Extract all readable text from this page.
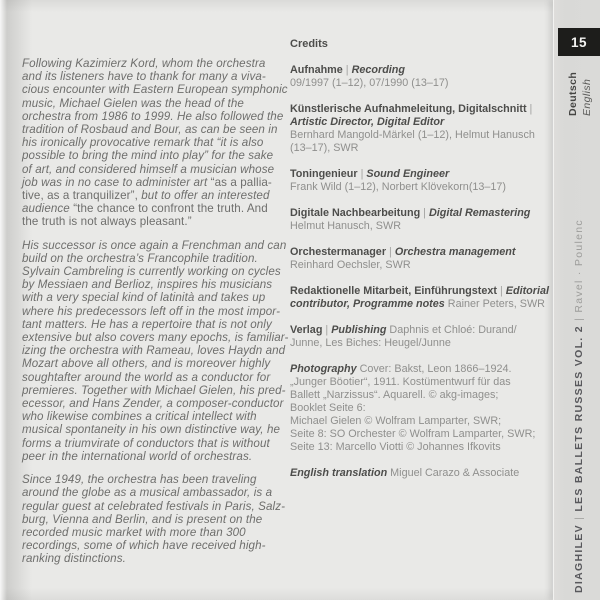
Following Kazimierz Kord, whom the orchestra
and its listeners have to thank for many a viva-
cious encounter with Eastern European symphonic
music, Michael Gielen was the head of the
orchestra from 1986 to 1999. He also followed the
tradition of Rosbaud and Bour, as can be seen in
his ironically provocative remark that “it is also
possible to bring the mind into play” for the sake
of art, and considered himself a musician whose
job was in no case to administer art “as a pallia-
tive, as a tranquilizer”, but to offer an interested
audience “the chance to confront the truth. And
the truth is not always pleasant.”
His successor is once again a Frenchman and can
build on the orchestra’s Francophile tradition.
Sylvain Cambreling is currently working on cycles
by Messiaen and Berlioz, inspires his musicians
with a very special kind of latinità and takes up
where his predecessors left off in the most impor-
tant matters. He has a repertoire that is not only
extensive but also covers many epochs, is familiar-
izing the orchestra with Rameau, loves Haydn and
Mozart above all others, and is moreover highly
soughtafter around the world as a conductor for
premieres. Together with Michael Gielen, his pred-
ecessor, and Hans Zender, a composer-conductor
who likewise combines a critical intellect with
musical spontaneity in his own distinctive way, he
forms a triumvirate of conductors that is without
peer in the international world of orchestras.
Since 1949, the orchestra has been traveling
around the globe as a musical ambassador, is a
regular guest at celebrated festivals in Paris, Salz-
burg, Vienna and Berlin, and is present on the
recorded music market with more than 300
recordings, some of which have received high-
ranking distinctions.
Credits
Aufnahme | Recording
09/1997 (1–12), 07/1990 (13–17)
Künstlerische Aufnahmeleitung, Digitalschnitt |
Artistic Director, Digital Editor
Bernhard Mangold-Märkel (1–12), Helmut Hanusch
(13–17), SWR
Toningenieur | Sound Engineer
Frank Wild (1–12), Norbert Klövekorn(13–17)
Digitale Nachbearbeitung | Digital Remastering
Helmut Hanusch, SWR
Orchestermanager | Orchestra management
Reinhard Oechsler, SWR
Redaktionelle Mitarbeit, Einführungstext | Editorial
contributor, Programme notes Rainer Peters, SWR
Verlag | Publishing Daphnis et Chloé: Durand/
Junne, Les Biches: Heugel/Junne
Photography Cover: Bakst, Leon 1866–1924.
„Junger Böotier“, 1911. Kostümentwurf für das
Ballett „Narzissus“. Aquarell. © akg-images;
Booklet Seite 6:
Michael Gielen © Wolfram Lamparter, SWR;
Seite 8: SO Orchester © Wolfram Lamparter, SWR;
Seite 13: Marcello Viotti © Johannes Ifkovits
English translation Miguel Carazo & Associate
15
Deutsch English
DIAGHILEV | LES BALLETS RUSSES VOL. 2 | Ravel · Poulenc
